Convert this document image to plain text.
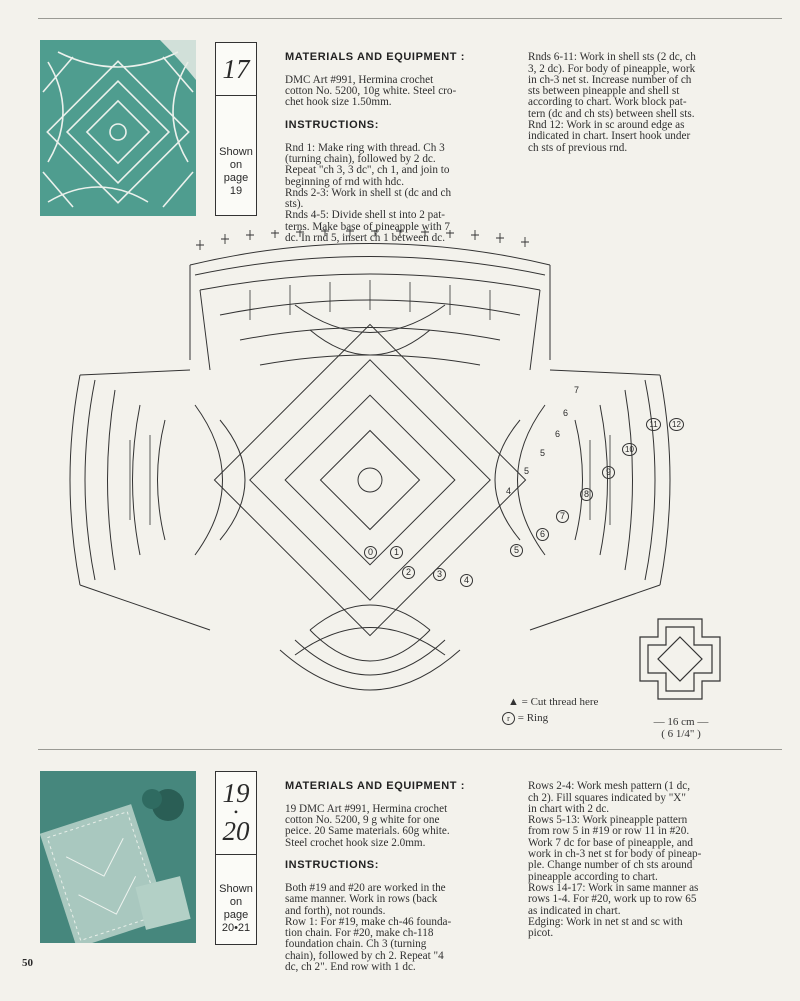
17
Shown
on
page
19

MATERIALS AND EQUIPMENT :

DMC Art #991, Hermina crochet
cotton No. 5200, 10g white. Steel cro-
chet hook size 1.50mm.

INSTRUCTIONS:

Rnd 1: Make ring with thread. Ch 3
(turning chain), followed by 2 dc.
Repeat "ch 3, 3 dc", ch 1, and join to
beginning of rnd with hdc.
Rnds 2-3: Work in shell st (dc and ch
sts).
Rnds 4-5: Divide shell st into 2 pat-
terns. Make base of pineapple with 7
dc. In rnd 5, insert ch 1 between dc.

Rnds 6-11: Work in shell sts (2 dc, ch
3, 2 dc). For body of pineapple, work
in ch-3 net st. Increase number of ch
sts between pineapple and shell st
according to chart. Work block pat-
tern (dc and ch sts) between shell sts.
Rnd 12: Work in sc around edge as
indicated in chart. Insert hook under
ch sts of previous rnd.

0	1
2	3
4
5
6
7
8
9
10
11	12
4
5
5
6
6
7
▲ = Cut thread here
r = Ring	— 16 cm —
( 6 1/4" )
19
•
20
Shown
on
page
20•21

MATERIALS AND EQUIPMENT :

19 DMC Art #991, Hermina crochet
cotton No. 5200, 9 g white for one
peice. 20 Same materials. 60g white.
Steel crochet hook size 2.0mm.

INSTRUCTIONS:

Both #19 and #20 are worked in the
same manner. Work in rows (back
and forth), not rounds.
Row 1: For #19, make ch-46 founda-
tion chain. For #20, make ch-118
foundation chain. Ch 3 (turning
chain), followed by ch 2. Repeat "4
dc, ch 2". End row with 1 dc.

Rows 2-4: Work mesh pattern (1 dc,
ch 2). Fill squares indicated by "X"
in chart with 2 dc.
Rows 5-13: Work pineapple pattern
from row 5 in #19 or row 11 in #20.
Work 7 dc for base of pineapple, and
work in ch-3 net st for body of pineap-
ple. Change number of ch sts around
pineapple according to chart.
Rows 14-17: Work in same manner as
rows 1-4. For #20, work up to row 65
as indicated in chart.
Edging: Work in net st and sc with
picot.

50
